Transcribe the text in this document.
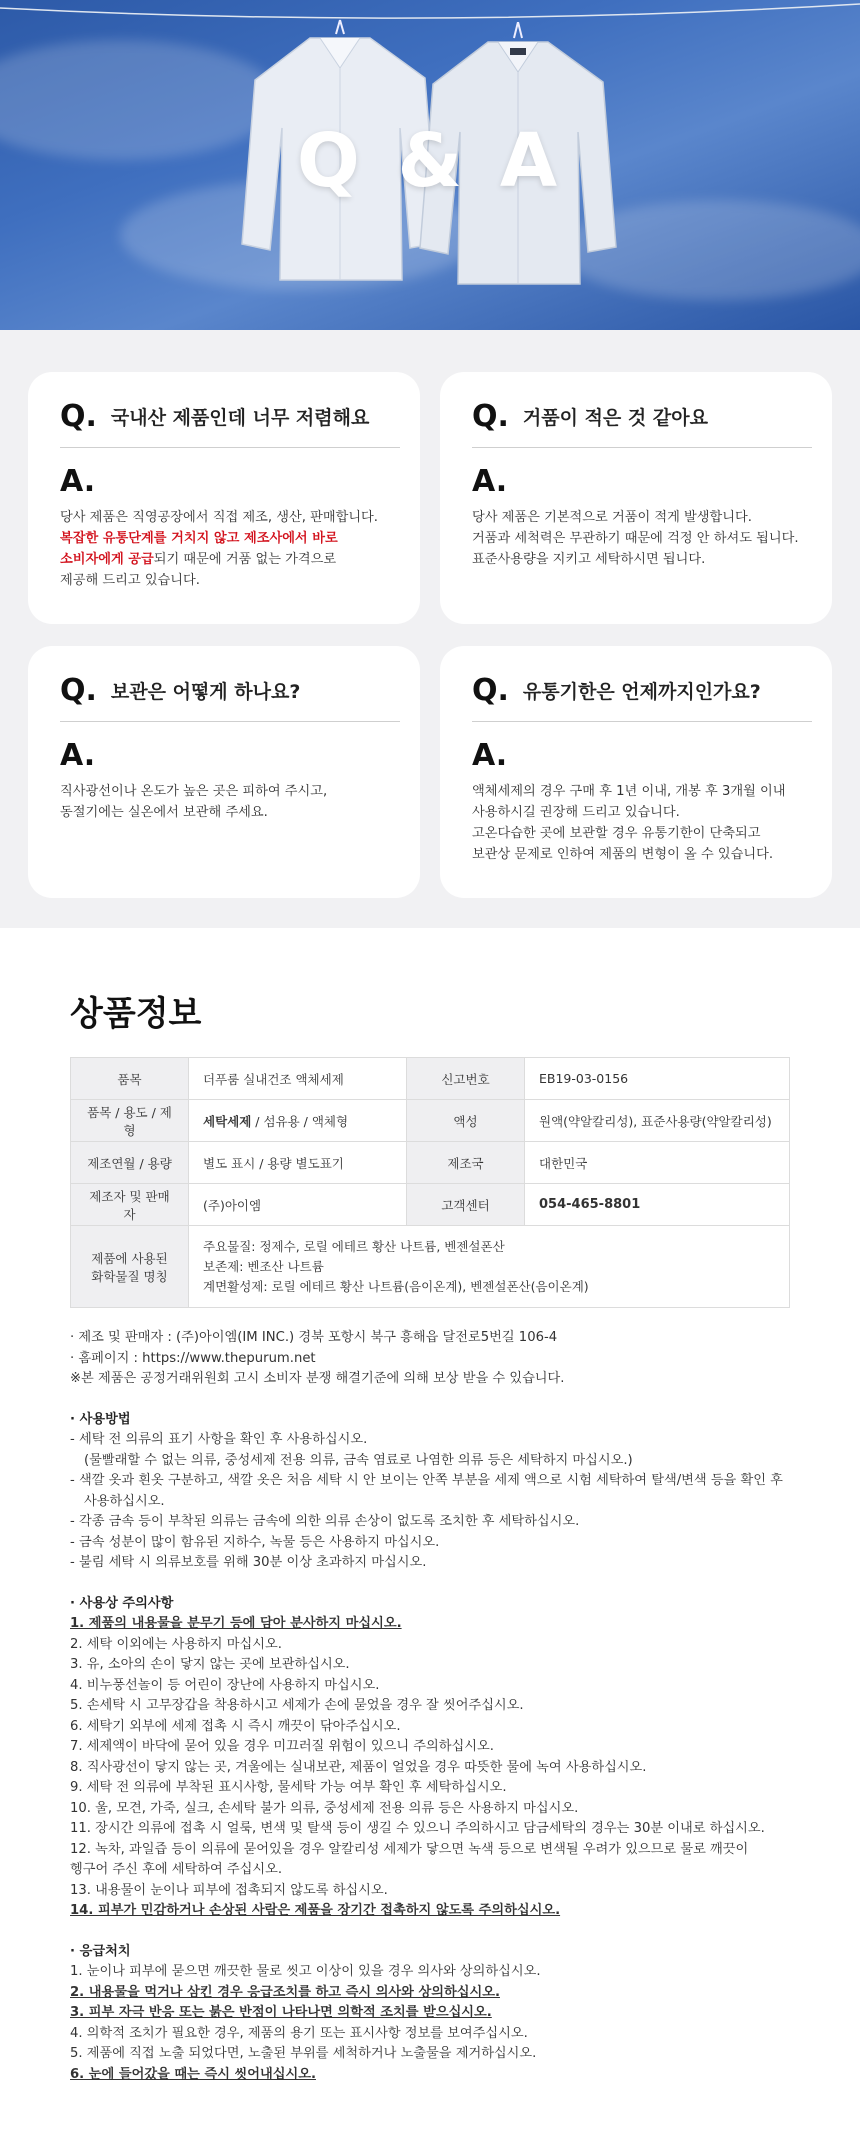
Q & A
Q. 국내산 제품인데 너무 저렴해요
A.

당사 제품은 직영공장에서 직접 제조, 생산, 판매합니다.
복잡한 유통단계를 거치지 않고 제조사에서 바로
소비자에게 공급되기 때문에 거품 없는 가격으로
제공해 드리고 있습니다.

Q. 거품이 적은 것 같아요
A.

당사 제품은 기본적으로 거품이 적게 발생합니다.
거품과 세척력은 무관하기 때문에 걱정 안 하셔도 됩니다.
표준사용량을 지키고 세탁하시면 됩니다.

Q. 보관은 어떻게 하나요?
A.

직사광선이나 온도가 높은 곳은 피하여 주시고,
동절기에는 실온에서 보관해 주세요.

Q. 유통기한은 언제까지인가요?
A.

액체세제의 경우 구매 후 1년 이내, 개봉 후 3개월 이내
사용하시길 권장해 드리고 있습니다.
고온다습한 곳에 보관할 경우 유통기한이 단축되고
보관상 문제로 인하여 제품의 변형이 올 수 있습니다.

상품정보
품목	더푸룸 실내건조 액체세제	신고번호	EB19-03-0156
품목 / 용도 / 제형	세탁세제 / 섬유용 / 액체형	액성	원액(약알칼리성), 표준사용량(약알칼리성)
제조연월 / 용량	별도 표시 / 용량 별도표기	제조국	대한민국
제조자 및 판매자	(주)아이엠	고객센터	054-465-8801
제품에 사용된
화학물질 명칭	주요물질: 정제수, 로릴 에테르 황산 나트륨, 벤젠설폰산
보존제: 벤조산 나트륨
계면활성제: 로릴 에테르 황산 나트륨(음이온계), 벤젠설폰산(음이온계)		
· 제조 및 판매자 : (주)아이엠(IM INC.) 경북 포항시 북구 흥해읍 달전로5번길 106-4
· 홈페이지 : https://www.thepurum.net
※본 제품은 공정거래위원회 고시 소비자 분쟁 해결기준에 의해 보상 받을 수 있습니다.
· 사용방법
- 세탁 전 의류의 표기 사항을 확인 후 사용하십시오.
(물빨래할 수 없는 의류, 중성세제 전용 의류, 금속 염료로 나염한 의류 등은 세탁하지 마십시오.)
- 색깔 옷과 흰옷 구분하고, 색깔 옷은 처음 세탁 시 안 보이는 안쪽 부분을 세제 액으로 시험 세탁하여 탈색/변색 등을 확인 후
사용하십시오.
- 각종 금속 등이 부착된 의류는 금속에 의한 의류 손상이 없도록 조치한 후 세탁하십시오.
- 금속 성분이 많이 함유된 지하수, 녹물 등은 사용하지 마십시오.
- 불림 세탁 시 의류보호를 위해 30분 이상 초과하지 마십시오.
· 사용상 주의사항
1. 제품의 내용물을 분무기 등에 담아 분사하지 마십시오.
2. 세탁 이외에는 사용하지 마십시오.
3. 유, 소아의 손이 닿지 않는 곳에 보관하십시오.
4. 비누풍선놀이 등 어린이 장난에 사용하지 마십시오.
5. 손세탁 시 고무장갑을 착용하시고 세제가 손에 묻었을 경우 잘 씻어주십시오.
6. 세탁기 외부에 세제 접촉 시 즉시 깨끗이 닦아주십시오.
7. 세제액이 바닥에 묻어 있을 경우 미끄러질 위험이 있으니 주의하십시오.
8. 직사광선이 닿지 않는 곳, 겨울에는 실내보관, 제품이 얼었을 경우 따뜻한 물에 녹여 사용하십시오.
9. 세탁 전 의류에 부착된 표시사항, 물세탁 가능 여부 확인 후 세탁하십시오.
10. 울, 모견, 가죽, 실크, 손세탁 불가 의류, 중성세제 전용 의류 등은 사용하지 마십시오.
11. 장시간 의류에 접촉 시 얼룩, 변색 및 탈색 등이 생길 수 있으니 주의하시고 담금세탁의 경우는 30분 이내로 하십시오.
12. 녹차, 과일즙 등이 의류에 묻어있을 경우 알칼리성 세제가 닿으면 녹색 등으로 변색될 우려가 있으므로 물로 깨끗이
헹구어 주신 후에 세탁하여 주십시오.
13. 내용물이 눈이나 피부에 접촉되지 않도록 하십시오.
14. 피부가 민감하거나 손상된 사람은 제품을 장기간 접촉하지 않도록 주의하십시오.
· 응급처치
1. 눈이나 피부에 묻으면 깨끗한 물로 씻고 이상이 있을 경우 의사와 상의하십시오.
2. 내용물을 먹거나 삼킨 경우 응급조치를 하고 즉시 의사와 상의하십시오.
3. 피부 자극 반응 또는 붉은 반점이 나타나면 의학적 조치를 받으십시오.
4. 의학적 조치가 필요한 경우, 제품의 용기 또는 표시사항 정보를 보여주십시오.
5. 제품에 직접 노출 되었다면, 노출된 부위를 세척하거나 노출물을 제거하십시오.
6. 눈에 들어갔을 때는 즉시 씻어내십시오.
